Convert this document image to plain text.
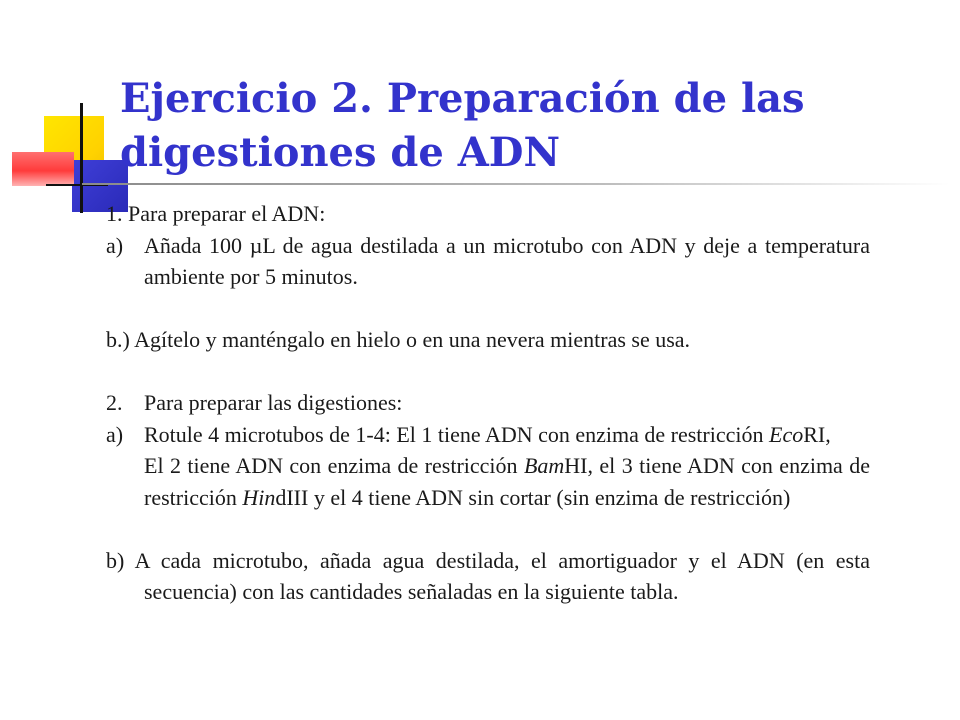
Ejercicio 2. Preparación de las
digestiones de ADN
1. Para preparar el ADN:
a) Añada 100 µL de agua destilada a un microtubo con ADN y deje a temperatura ambiente por 5 minutos.
b.) Agítelo y manténgalo en hielo o en una nevera mientras se usa.
2. Para preparar las digestiones:
a) Rotule 4 microtubos de 1-4: El 1 tiene ADN con enzima de restricción EcoRI,
El 2 tiene ADN con enzima de restricción BamHI, el 3 tiene ADN con enzima de restricción HindIII y el 4 tiene ADN sin cortar (sin enzima de restricción)
b) A cada microtubo, añada agua destilada, el amortiguador y el ADN (en esta secuencia) con las cantidades señaladas en la siguiente tabla.
